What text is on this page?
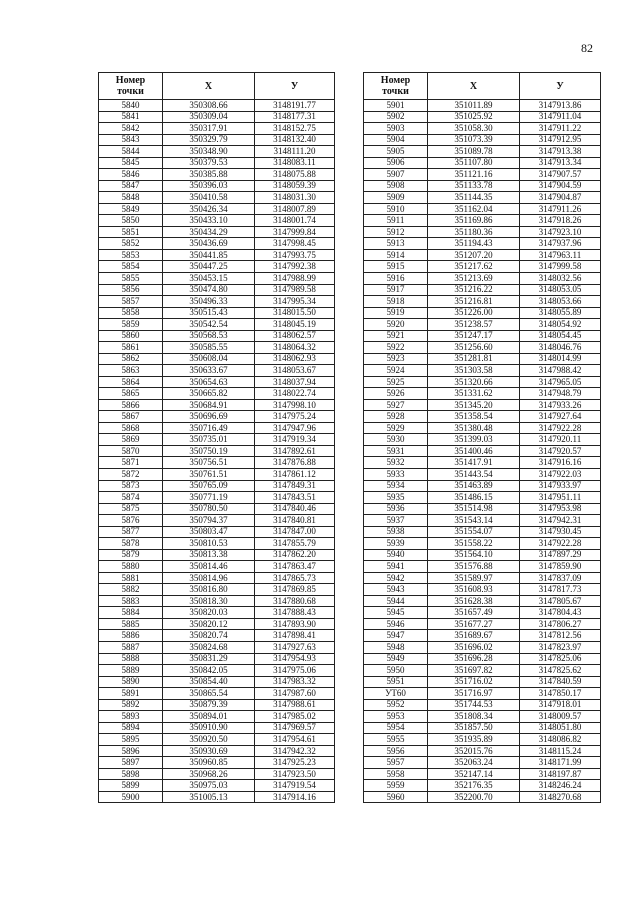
82
Номер
точки	X	У
5840	350308.66	3148191.77
5841	350309.04	3148177.31
5842	350317.91	3148152.75
5843	350329.79	3148132.40
5844	350348.90	3148111.20
5845	350379.53	3148083.11
5846	350385.88	3148075.88
5847	350396.03	3148059.39
5848	350410.58	3148031.30
5849	350426.34	3148007.89
5850	350433.10	3148001.74
5851	350434.29	3147999.84
5852	350436.69	3147998.45
5853	350441.85	3147993.75
5854	350447.25	3147992.38
5855	350453.15	3147988.99
5856	350474.80	3147989.58
5857	350496.33	3147995.34
5858	350515.43	3148015.50
5859	350542.54	3148045.19
5860	350568.53	3148062.57
5861	350585.55	3148064.32
5862	350608.04	3148062.93
5863	350633.67	3148053.67
5864	350654.63	3148037.94
5865	350665.82	3148022.74
5866	350684.91	3147998.10
5867	350696.69	3147975.24
5868	350716.49	3147947.96
5869	350735.01	3147919.34
5870	350750.19	3147892.61
5871	350756.51	3147876.88
5872	350761.51	3147861.12
5873	350765.09	3147849.31
5874	350771.19	3147843.51
5875	350780.50	3147840.46
5876	350794.37	3147840.81
5877	350803.47	3147847.00
5878	350810.53	3147855.79
5879	350813.38	3147862.20
5880	350814.46	3147863.47
5881	350814.96	3147865.73
5882	350816.80	3147869.85
5883	350818.30	3147880.68
5884	350820.03	3147888.43
5885	350820.12	3147893.90
5886	350820.74	3147898.41
5887	350824.68	3147927.63
5888	350831.29	3147954.93
5889	350842.05	3147975.06
5890	350854.40	3147983.32
5891	350865.54	3147987.60
5892	350879.39	3147988.61
5893	350894.01	3147985.02
5894	350910.90	3147969.57
5895	350920.50	3147954.61
5896	350930.69	3147942.32
5897	350960.85	3147925.23
5898	350968.26	3147923.50
5899	350975.03	3147919.54
5900	351005.13	3147914.16
Номер
точки	X	У
5901	351011.89	3147913.86
5902	351025.92	3147911.04
5903	351058.30	3147911.22
5904	351073.39	3147912.95
5905	351089.78	3147913.38
5906	351107.80	3147913.34
5907	351121.16	3147907.57
5908	351133.78	3147904.59
5909	351144.35	3147904.87
5910	351162.04	3147911.26
5911	351169.86	3147918.26
5912	351180.36	3147923.10
5913	351194.43	3147937.96
5914	351207.20	3147963.11
5915	351217.62	3147999.58
5916	351213.69	3148032.56
5917	351216.22	3148053.05
5918	351216.81	3148053.66
5919	351226.00	3148055.89
5920	351238.57	3148054.92
5921	351247.17	3148054.45
5922	351256.60	3148046.76
5923	351281.81	3148014.99
5924	351303.58	3147988.42
5925	351320.66	3147965.05
5926	351331.62	3147948.79
5927	351345.20	3147933.26
5928	351358.54	3147927.64
5929	351380.48	3147922.28
5930	351399.03	3147920.11
5931	351400.46	3147920.57
5932	351417.91	3147916.16
5933	351443.54	3147922.03
5934	351463.89	3147933.97
5935	351486.15	3147951.11
5936	351514.98	3147953.98
5937	351543.14	3147942.31
5938	351554.07	3147930.45
5939	351558.22	3147922.28
5940	351564.10	3147897.29
5941	351576.88	3147859.90
5942	351589.97	3147837.09
5943	351608.93	3147817.73
5944	351628.38	3147805.67
5945	351657.49	3147804.43
5946	351677.27	3147806.27
5947	351689.67	3147812.56
5948	351696.02	3147823.97
5949	351696.28	3147825.06
5950	351697.82	3147825.62
5951	351716.02	3147840.59
УТ60	351716.97	3147850.17
5952	351744.53	3147918.01
5953	351808.34	3148009.57
5954	351857.50	3148051.80
5955	351935.89	3148086.82
5956	352015.76	3148115.24
5957	352063.24	3148171.99
5958	352147.14	3148197.87
5959	352176.35	3148246.24
5960	352200.70	3148270.68
